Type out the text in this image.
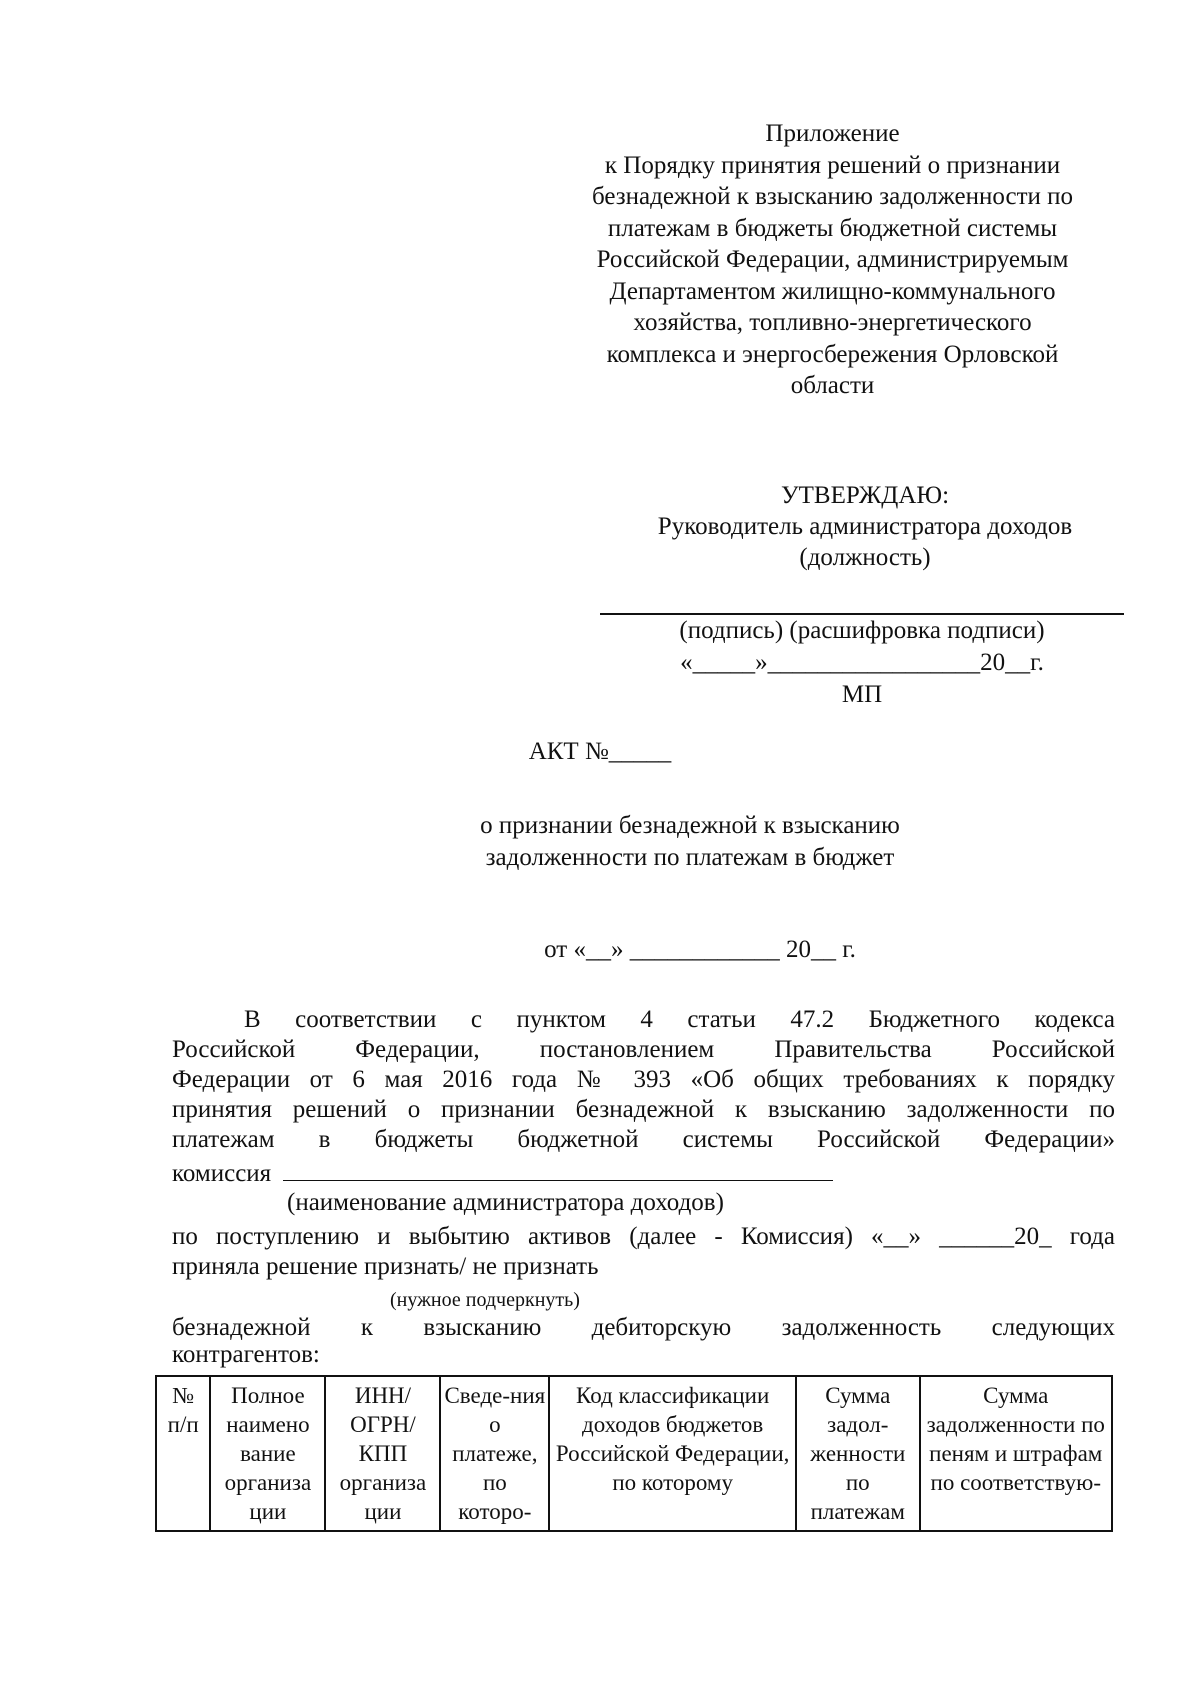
Приложение
к Порядку принятия решений о признании
безнадежной к взысканию задолженности по
платежам в бюджеты бюджетной системы
Российской Федерации, администрируемым
Департаментом жилищно-коммунального
хозяйства, топливно-энергетического
комплекса и энергосбережения Орловской
области
УТВЕРЖДАЮ:
Руководитель администратора доходов
(должность)
(подпись) (расшифровка подписи)
«_____»_________________20__г.
МП
АКТ №_____
о признании безнадежной к взысканию
задолженности по платежам в бюджет
от «__» ____________ 20__ г.
В соответствии с пунктом 4 статьи 47.2 Бюджетного кодекса
Российской Федерации, постановлением Правительства Российской
Федерации от 6 мая 2016 года № 393 «Об общих требованиях к порядку
принятия решений о признании безнадежной к взысканию задолженности по
платежам в бюджеты бюджетной системы Российской Федерации»
комиссия
(наименование администратора доходов)
по поступлению и выбытию активов (далее - Комиссия) «__» ______20_ года
приняла решение признать/ не признать
(нужное подчеркнуть)
безнадежной к взысканию дебиторскую задолженность следующих
контрагентов:
№ п/п	Полное наимено вание организа ции	ИНН/ ОГРН/ КПП организа ции	Сведе-ния о платеже, по которо-	Код классификации доходов бюджетов Российской Федерации, по которому	Сумма задол-женности по платежам	Сумма задолженности по пеням и штрафам по соответствую-
